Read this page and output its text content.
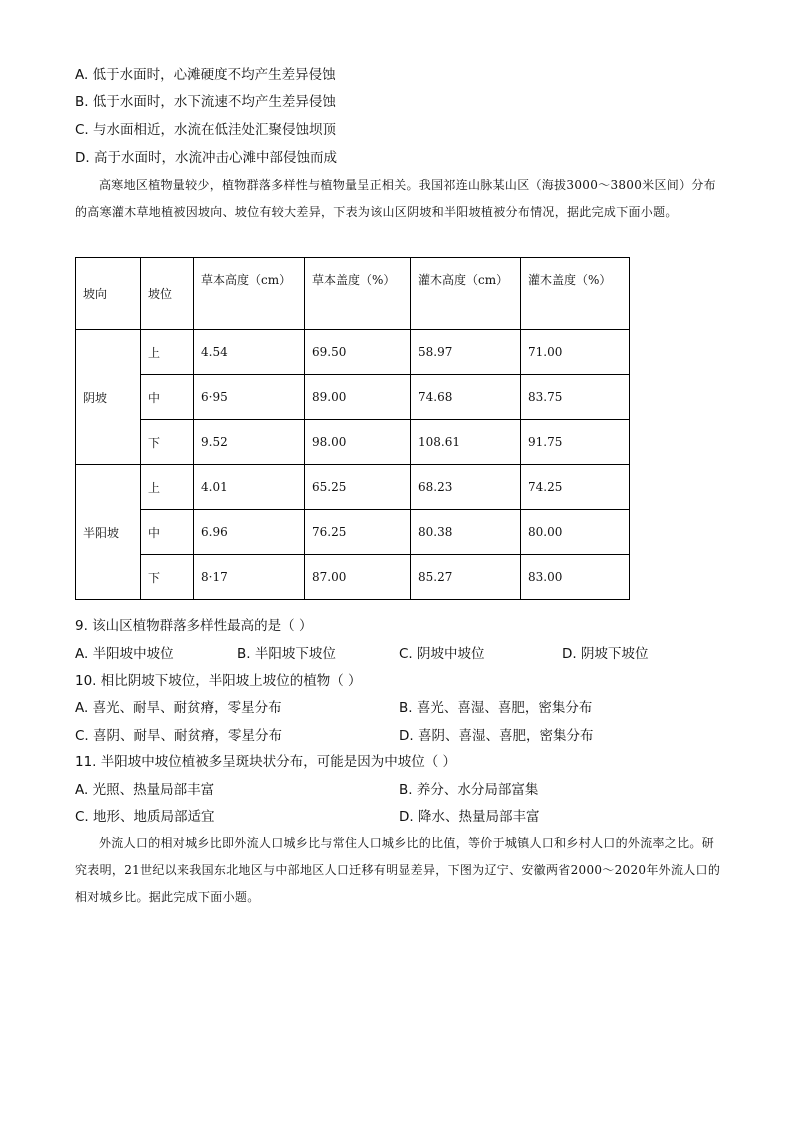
A. 低于水面时，心滩硬度不均产生差异侵蚀
B. 低于水面时，水下流速不均产生差异侵蚀
C. 与水面相近，水流在低洼处汇聚侵蚀坝顶
D. 高于水面时，水流冲击心滩中部侵蚀而成
高寒地区植物量较少，植物群落多样性与植物量呈正相关。我国祁连山脉某山区（海拔3000～3800米区间）分布的高寒灌木草地植被因坡向、坡位有较大差异，下表为该山区阴坡和半阳坡植被分布情况，据此完成下面小题。
坡向	坡位	草本高度（cm）	草本盖度（%）	灌木高度（cm）	灌木盖度（%）
阴坡	上	4.54	69.50	58.97	71.00
	中	6·95	89.00	74.68	83.75
	下	9.52	98.00	108.61	91.75
半阳坡	上	4.01	65.25	68.23	74.25
	中	6.96	76.25	80.38	80.00
	下	8·17	87.00	85.27	83.00
9. 该山区植物群落多样性最高的是（ ）
A. 半阳坡中坡位	B. 半阳坡下坡位	C. 阴坡中坡位	D. 阴坡下坡位
10. 相比阴坡下坡位，半阳坡上坡位的植物（ ）
A. 喜光、耐旱、耐贫瘠，零星分布	B. 喜光、喜湿、喜肥，密集分布
C. 喜阴、耐旱、耐贫瘠，零星分布	D. 喜阴、喜湿、喜肥，密集分布
11. 半阳坡中坡位植被多呈斑块状分布，可能是因为中坡位（ ）
A. 光照、热量局部丰富	B. 养分、水分局部富集
C. 地形、地质局部适宜	D. 降水、热量局部丰富
外流人口的相对城乡比即外流人口城乡比与常住人口城乡比的比值，等价于城镇人口和乡村人口的外流率之比。研究表明，21世纪以来我国东北地区与中部地区人口迁移有明显差异，下图为辽宁、安徽两省2000～2020年外流人口的相对城乡比。据此完成下面小题。
